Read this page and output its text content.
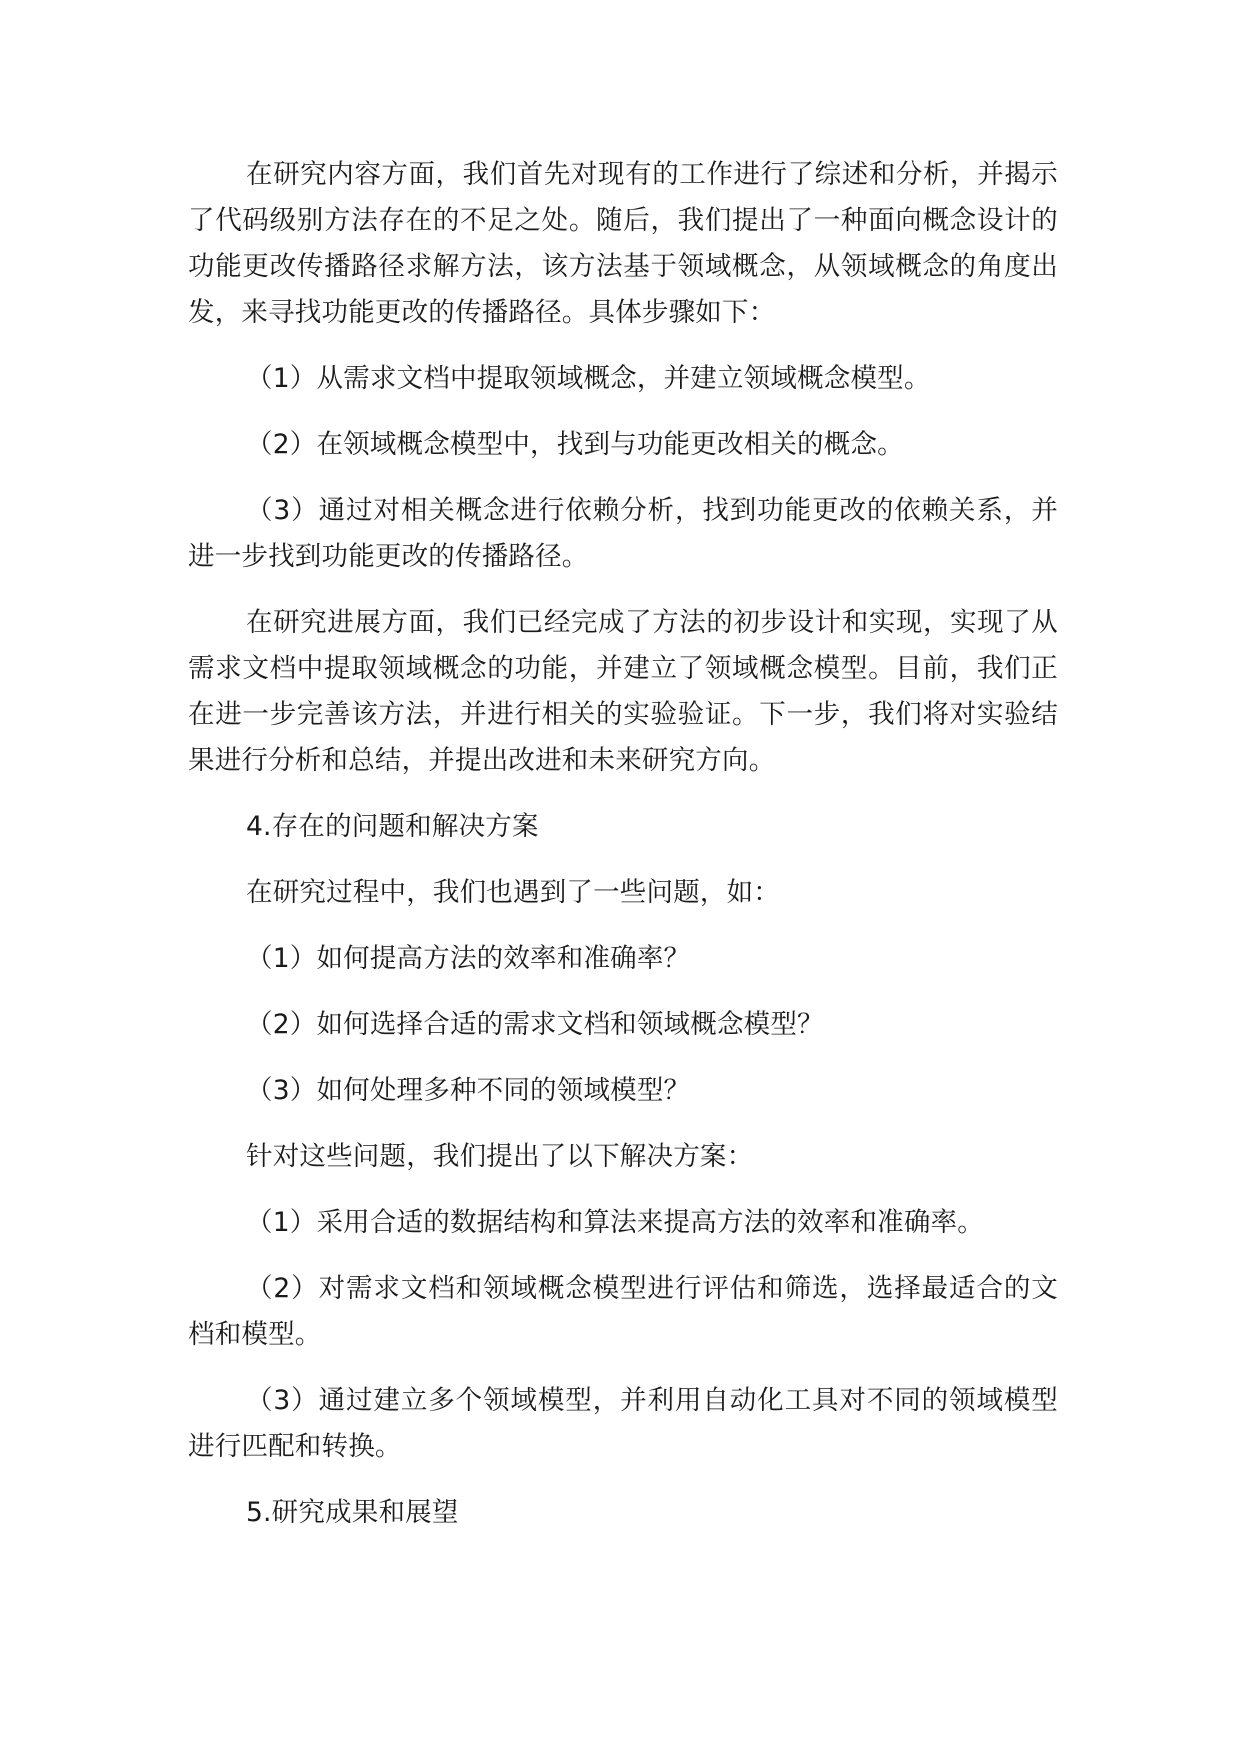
在研究内容方面，我们首先对现有的工作进行了综述和分析，并揭示了代码级别方法存在的不足之处。随后，我们提出了一种面向概念设计的功能更改传播路径求解方法，该方法基于领域概念，从领域概念的角度出发，来寻找功能更改的传播路径。具体步骤如下：

（1）从需求文档中提取领域概念，并建立领域概念模型。

（2）在领域概念模型中，找到与功能更改相关的概念。

（3）通过对相关概念进行依赖分析，找到功能更改的依赖关系，并进一步找到功能更改的传播路径。

在研究进展方面，我们已经完成了方法的初步设计和实现，实现了从需求文档中提取领域概念的功能，并建立了领域概念模型。目前，我们正在进一步完善该方法，并进行相关的实验验证。下一步，我们将对实验结果进行分析和总结，并提出改进和未来研究方向。

4.存在的问题和解决方案

在研究过程中，我们也遇到了一些问题，如：

（1）如何提高方法的效率和准确率？

（2）如何选择合适的需求文档和领域概念模型？

（3）如何处理多种不同的领域模型？

针对这些问题，我们提出了以下解决方案：

（1）采用合适的数据结构和算法来提高方法的效率和准确率。

（2）对需求文档和领域概念模型进行评估和筛选，选择最适合的文档和模型。

（3）通过建立多个领域模型，并利用自动化工具对不同的领域模型进行匹配和转换。

5.研究成果和展望
